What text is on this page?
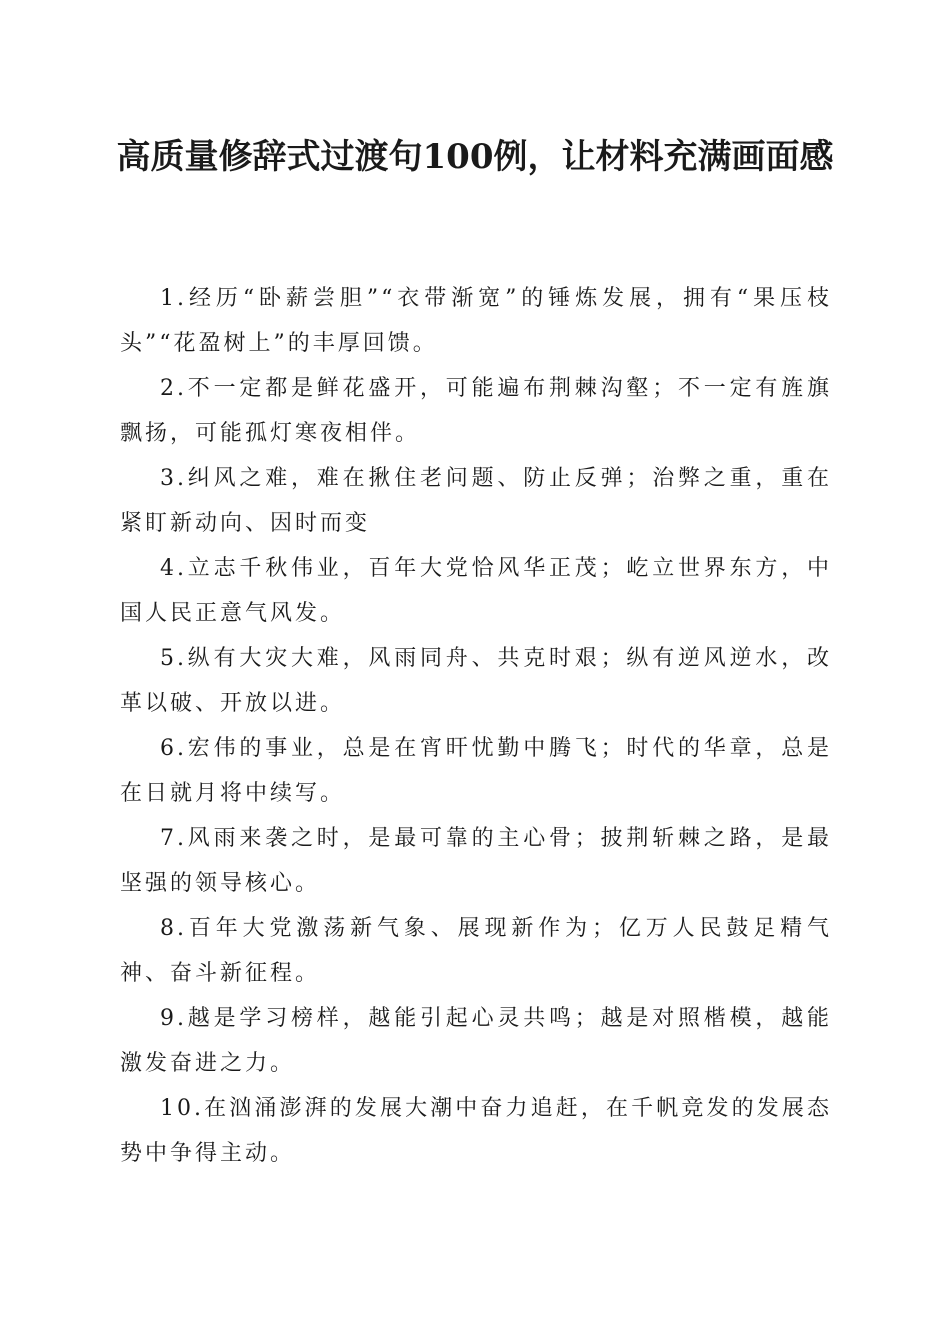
高质量修辞式过渡句100例，让材料充满画面感

1.经历“卧薪尝胆”“衣带渐宽”的锤炼发展，拥有“果压枝头”“花盈树上”的丰厚回馈。

2.不一定都是鲜花盛开，可能遍布荆棘沟壑；不一定有旌旗飘扬，可能孤灯寒夜相伴。

3.纠风之难，难在揪住老问题、防止反弹；治弊之重，重在紧盯新动向、因时而变

4.立志千秋伟业，百年大党恰风华正茂；屹立世界东方，中国人民正意气风发。

5.纵有大灾大难，风雨同舟、共克时艰；纵有逆风逆水，改革以破、开放以进。

6.宏伟的事业，总是在宵旰忧勤中腾飞；时代的华章，总是在日就月将中续写。

7.风雨来袭之时，是最可靠的主心骨；披荆斩棘之路，是最坚强的领导核心。

8.百年大党激荡新气象、展现新作为；亿万人民鼓足精气神、奋斗新征程。

9.越是学习榜样，越能引起心灵共鸣；越是对照楷模，越能激发奋进之力。

10.在汹涌澎湃的发展大潮中奋力追赶，在千帆竞发的发展态势中争得主动。
